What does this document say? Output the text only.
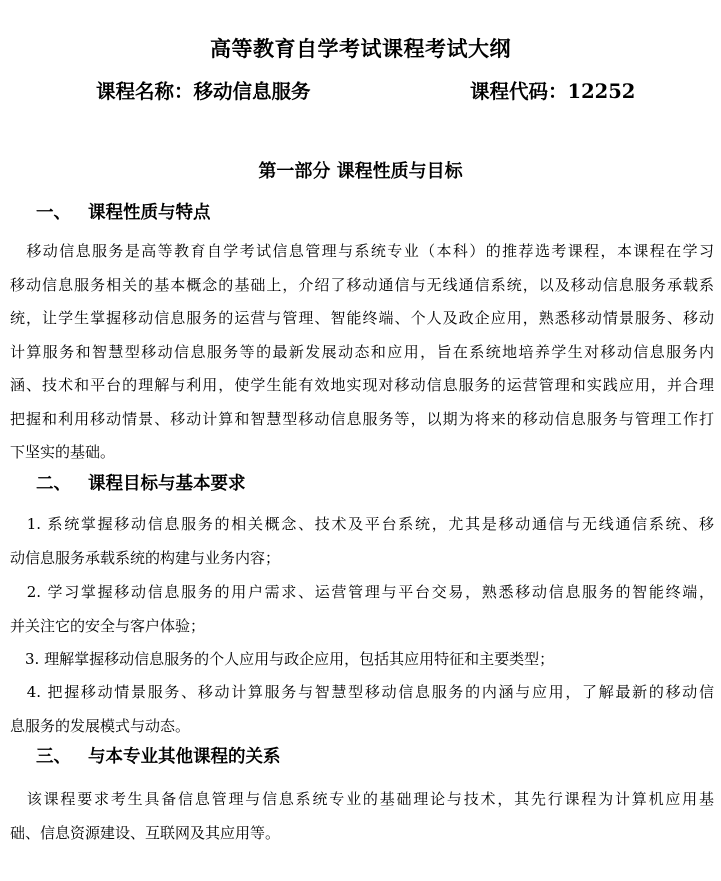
高等教育自学考试课程考试大纲
课程名称：移动信息服务	课程代码：12252
第一部分 课程性质与目标
一、 课程性质与特点
　移动信息服务是高等教育自学考试信息管理与系统专业（本科）的推荐选考课程，本课程在学习
移动信息服务相关的基本概念的基础上，介绍了移动通信与无线通信系统，以及移动信息服务承载系
统，让学生掌握移动信息服务的运营与管理、智能终端、个人及政企应用，熟悉移动情景服务、移动
计算服务和智慧型移动信息服务等的最新发展动态和应用，旨在系统地培养学生对移动信息服务内
涵、技术和平台的理解与利用，使学生能有效地实现对移动信息服务的运营管理和实践应用，并合理
把握和利用移动情景、移动计算和智慧型移动信息服务等，以期为将来的移动信息服务与管理工作打
下坚实的基础。
二、 课程目标与基本要求
　1. 系统掌握移动信息服务的相关概念、技术及平台系统，尤其是移动通信与无线通信系统、移
动信息服务承载系统的构建与业务内容；
　2. 学习掌握移动信息服务的用户需求、运营管理与平台交易，熟悉移动信息服务的智能终端，
并关注它的安全与客户体验；
　3. 理解掌握移动信息服务的个人应用与政企应用，包括其应用特征和主要类型；
　4. 把握移动情景服务、移动计算服务与智慧型移动信息服务的内涵与应用，了解最新的移动信
息服务的发展模式与动态。
三、 与本专业其他课程的关系
　该课程要求考生具备信息管理与信息系统专业的基础理论与技术，其先行课程为计算机应用基
础、信息资源建设、互联网及其应用等。
